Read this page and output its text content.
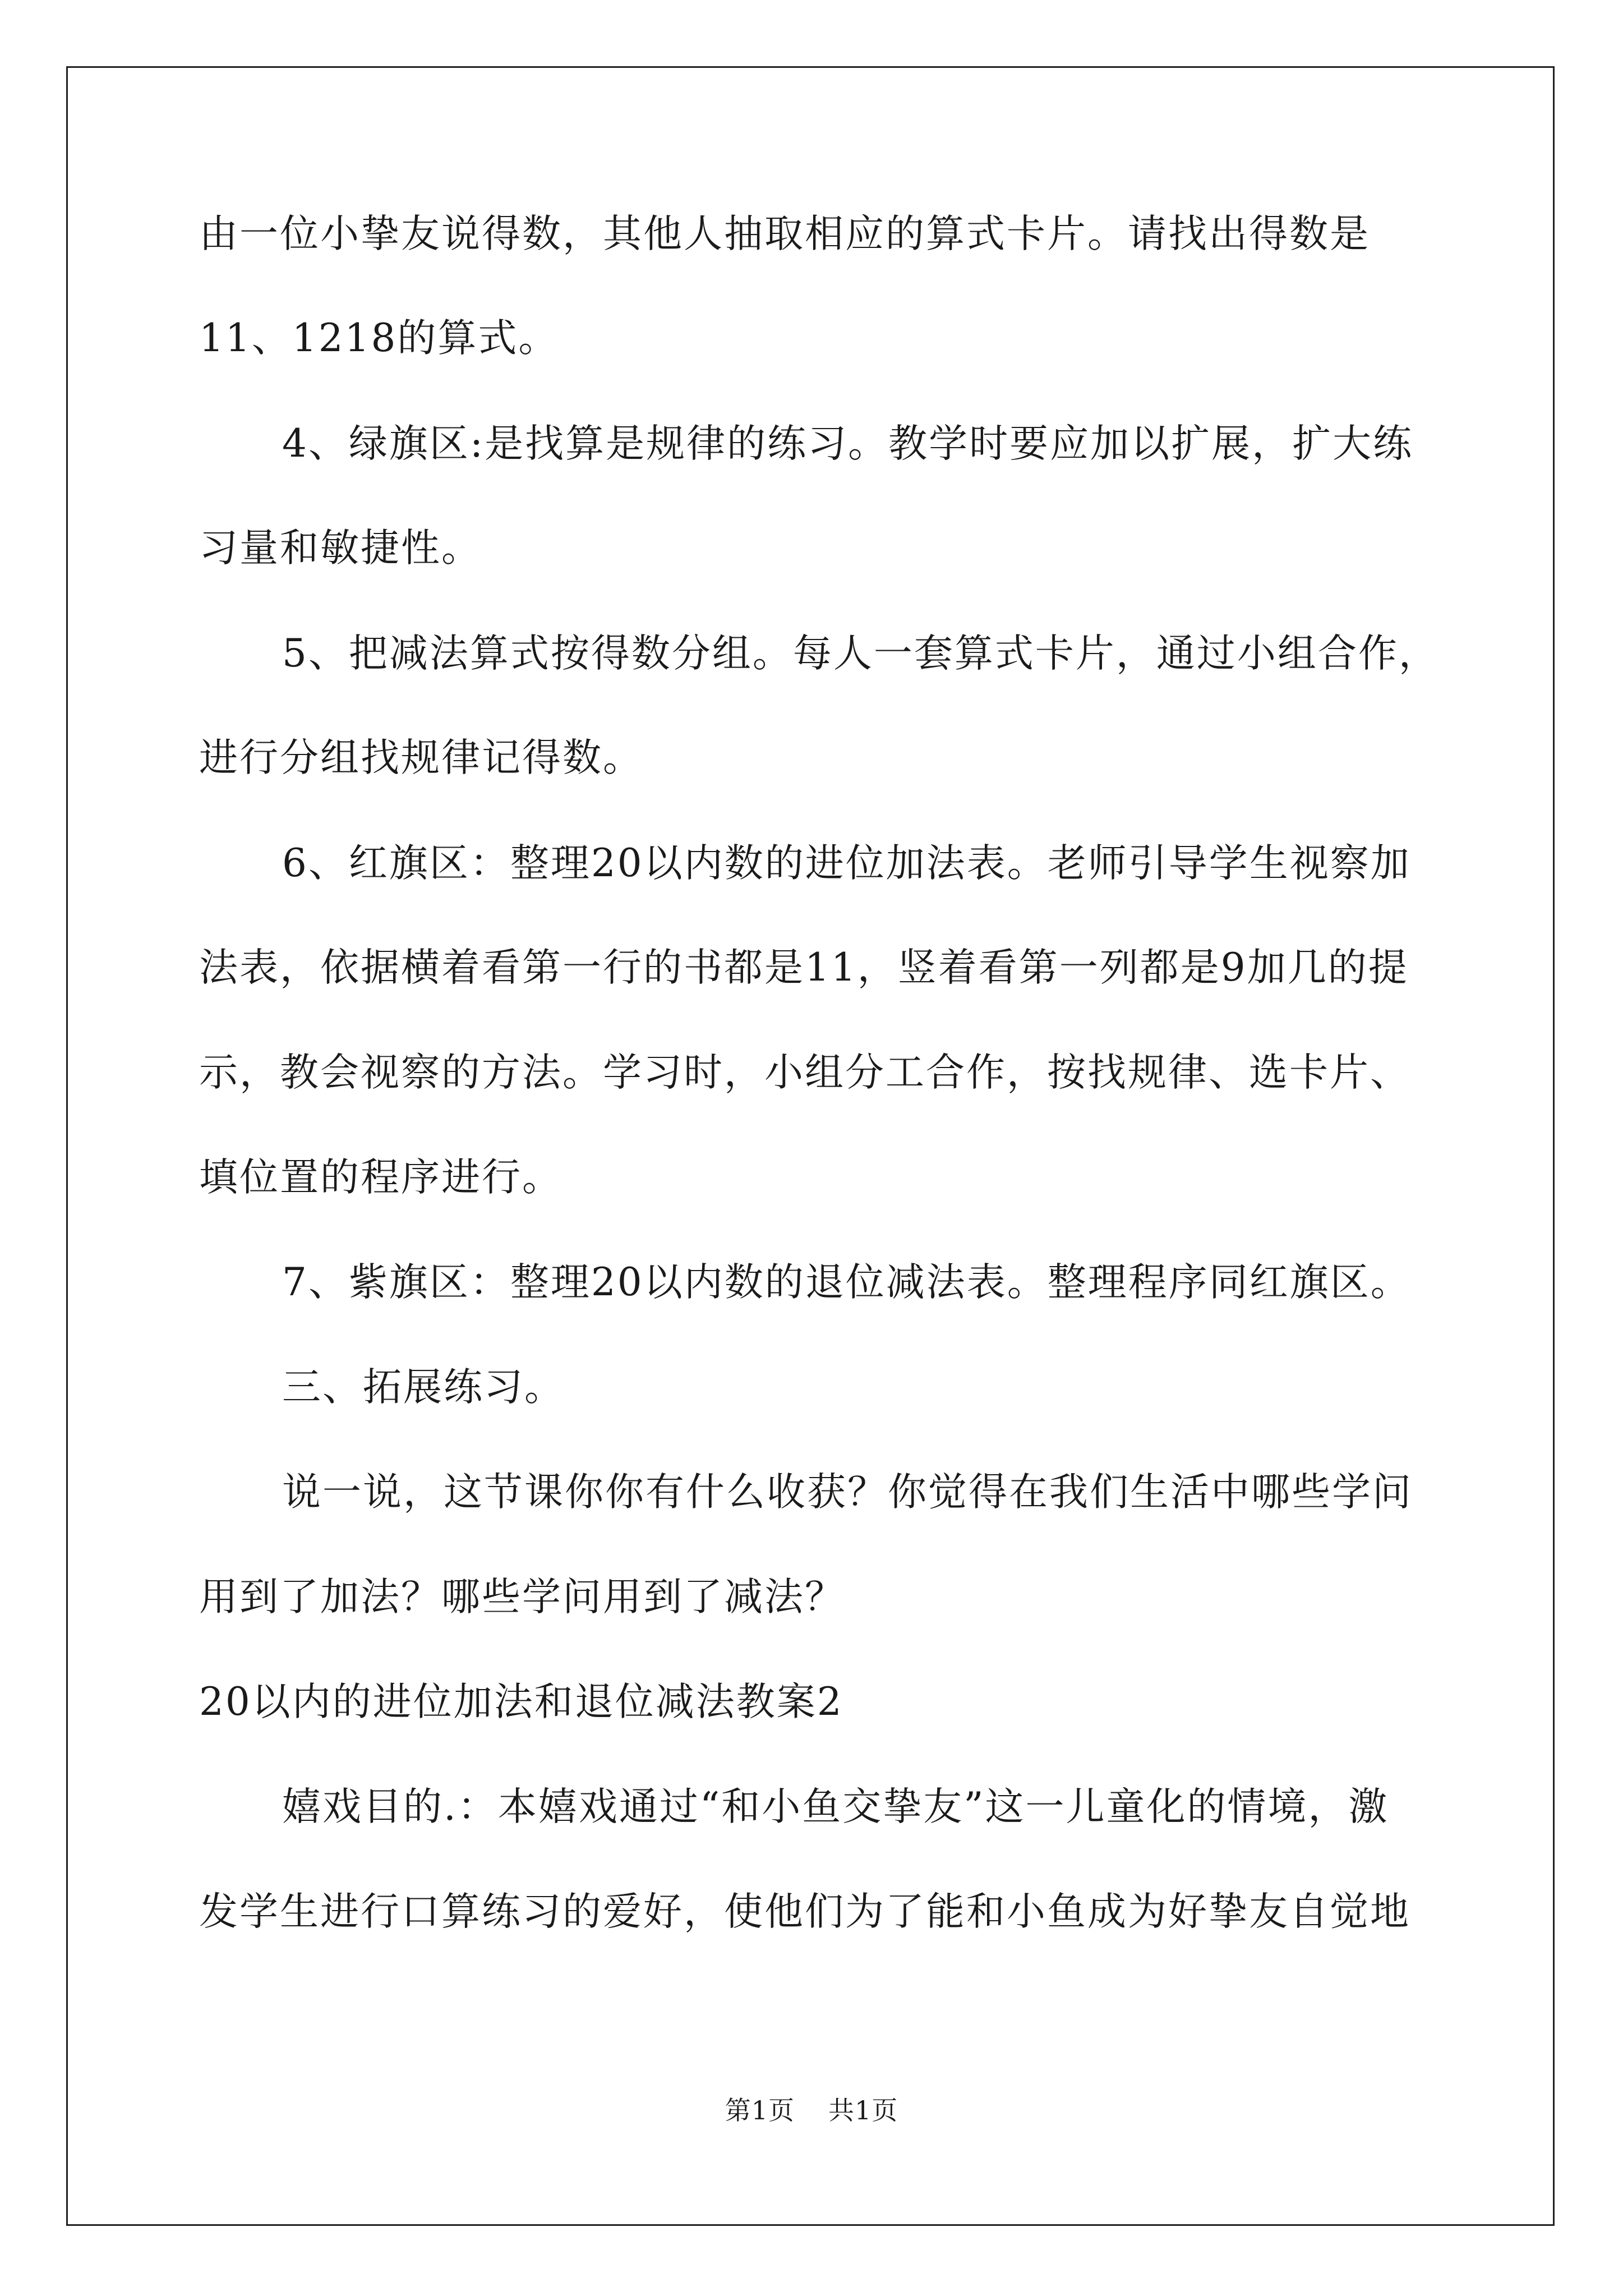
由一位小挚友说得数，其他人抽取相应的算式卡片。请找出得数是
11、1218的算式。
4、绿旗区:是找算是规律的练习。教学时要应加以扩展，扩大练
习量和敏捷性。
5、把减法算式按得数分组。每人一套算式卡片，通过小组合作，
进行分组找规律记得数。
6、红旗区：整理20以内数的进位加法表。老师引导学生视察加
法表，依据横着看第一行的书都是11，竖着看第一列都是9加几的提
示，教会视察的方法。学习时，小组分工合作，按找规律、选卡片、
填位置的程序进行。
7、紫旗区：整理20以内数的退位减法表。整理程序同红旗区。
三、拓展练习。
说一说，这节课你你有什么收获？你觉得在我们生活中哪些学问
用到了加法？哪些学问用到了减法？
20以内的进位加法和退位减法教案2
嬉戏目的.：本嬉戏通过“和小鱼交挚友”这一儿童化的情境，激
发学生进行口算练习的爱好，使他们为了能和小鱼成为好挚友自觉地
第1页 共1页
